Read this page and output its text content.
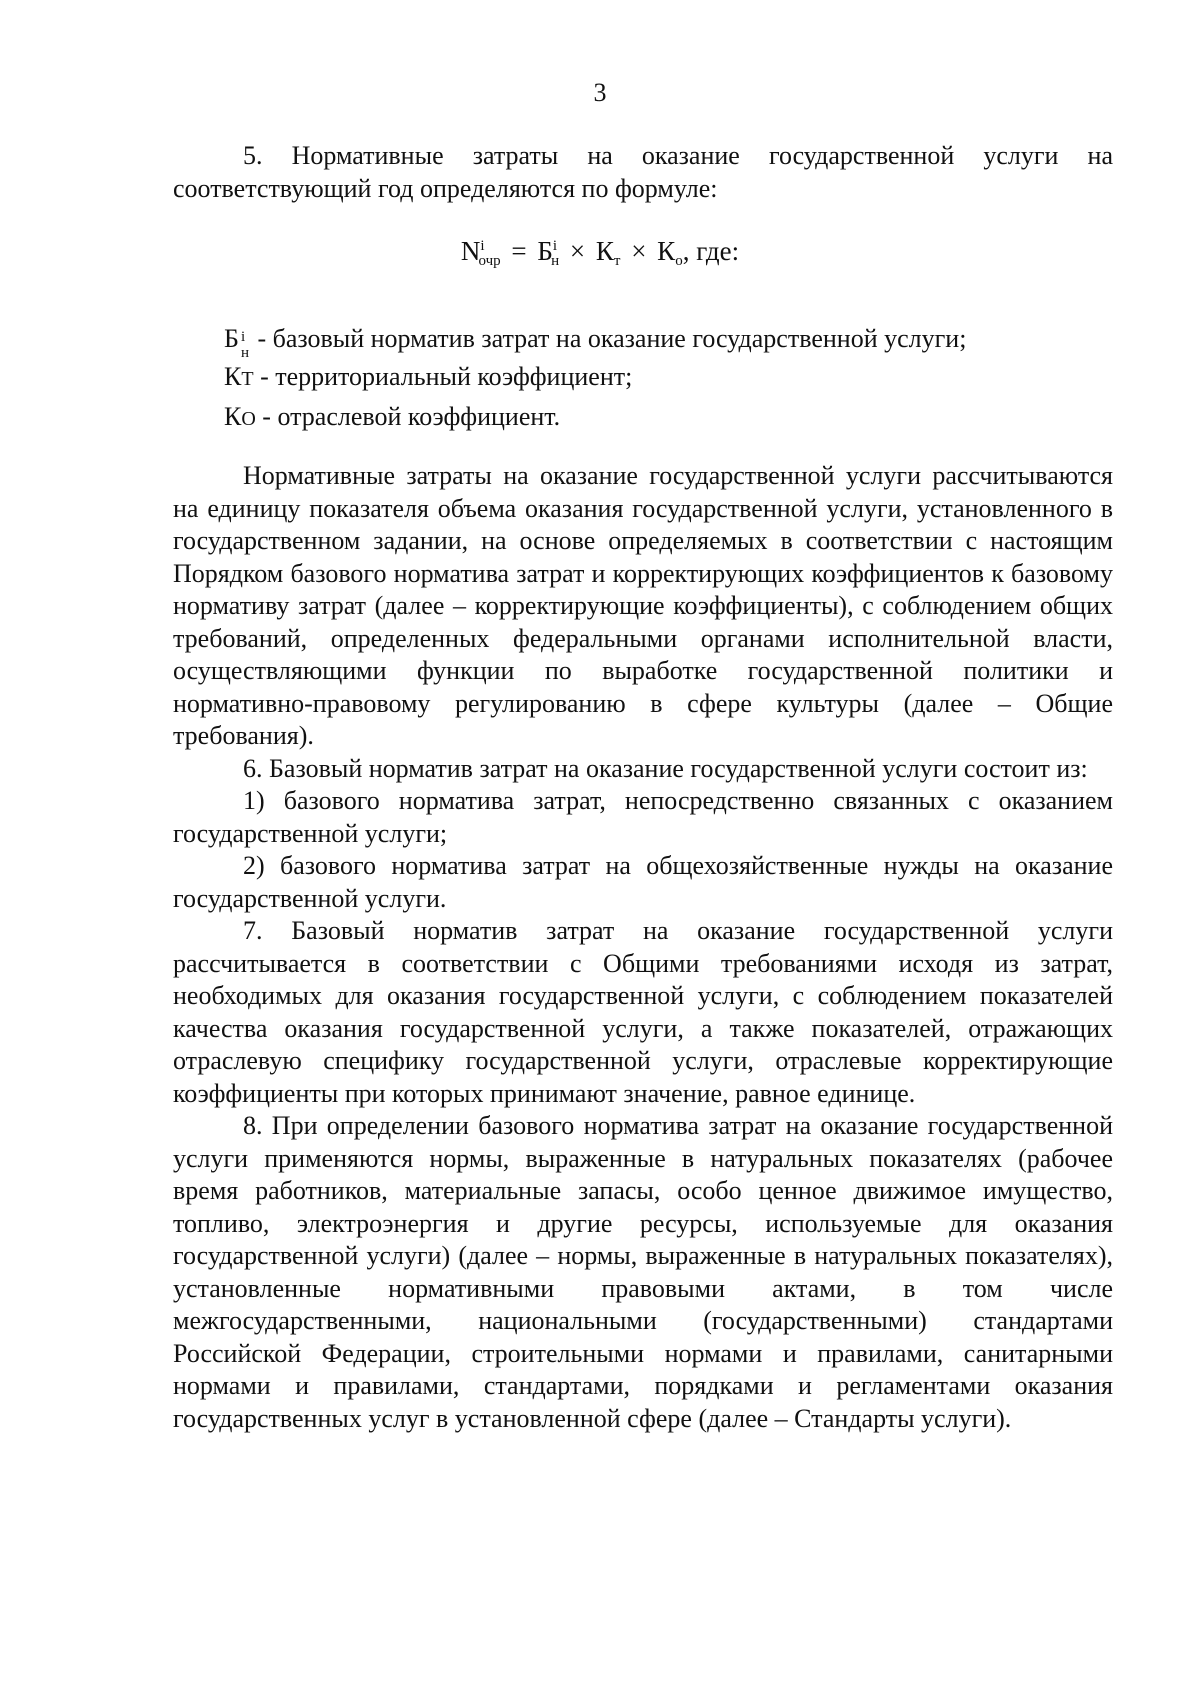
3

5. Нормативные затраты на оказание государственной услуги на соответствующий год определяются по формуле:

$N^i_{очр} = Б^i_н \times К_т \times К_о$, где:
Б i
н - базовый норматив затрат на оказание государственной услуги;
КТ - территориальный коэффициент;
КО - отраслевой коэффициент.

Нормативные затраты на оказание государственной услуги рассчитываются на единицу показателя объема оказания государственной услуги, установленного в государственном задании, на основе определяемых в соответствии с настоящим Порядком базового норматива затрат и корректирующих коэффициентов к базовому нормативу затрат (далее – корректирующие коэффициенты), с соблюдением общих требований, определенных федеральными органами исполнительной власти, осуществляющими функции по выработке государственной политики и нормативно-правовому регулированию в сфере культуры (далее – Общие требования).

6. Базовый норматив затрат на оказание государственной услуги состоит из:

1) базового норматива затрат, непосредственно связанных с оказанием государственной услуги;

2) базового норматива затрат на общехозяйственные нужды на оказание государственной услуги.

7. Базовый норматив затрат на оказание государственной услуги рассчитывается в соответствии с Общими требованиями исходя из затрат, необходимых для оказания государственной услуги, с соблюдением показателей качества оказания государственной услуги, а также показателей, отражающих отраслевую специфику государственной услуги, отраслевые корректирующие коэффициенты при которых принимают значение, равное единице.

8. При определении базового норматива затрат на оказание государственной услуги применяются нормы, выраженные в натуральных показателях (рабочее время работников, материальные запасы, особо ценное движимое имущество, топливо, электроэнергия и другие ресурсы, используемые для оказания государственной услуги) (далее – нормы, выраженные в натуральных показателях), установленные нормативными правовыми актами, в том числе межгосударственными, национальными (государственными) стандартами Российской Федерации, строительными нормами и правилами, санитарными нормами и правилами, стандартами, порядками и регламентами оказания государственных услуг в установленной сфере (далее – Стандарты услуги).
